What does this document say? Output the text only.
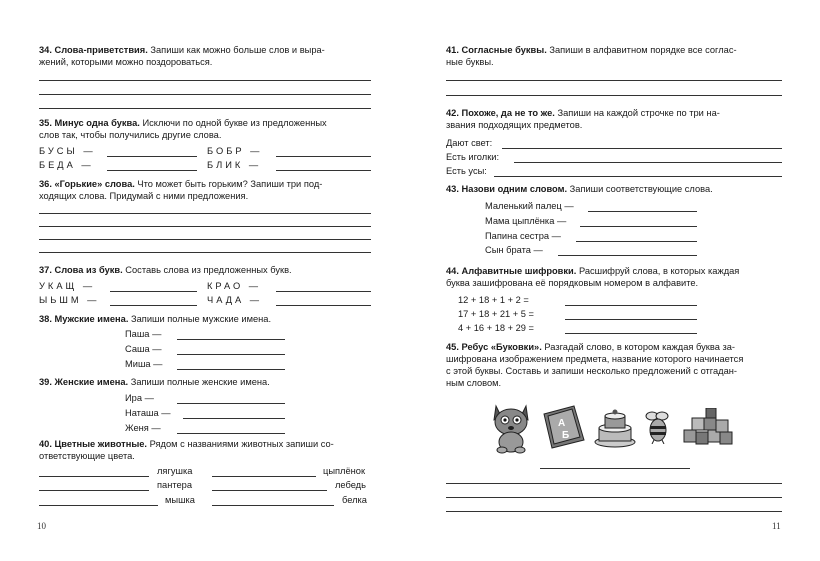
34. Слова-приветствия. Запиши как можно больше слов и выра-

жений, которыми можно поздороваться.

35. Минус одна буква. Исключи по одной букве из предложенных

слов так, чтобы получились другие слова.

БУСЫ —	БОБР —

БЕДА —	БЛИК —

36. «Горькие» слова. Что может быть горьким? Запиши три под-

ходящих слова. Придумай с ними предложения.

37. Слова из букв. Составь слова из предложенных букв.

УКАЩ —	КРАО —

ЫЬШМ —	ЧАДА —

38. Мужские имена. Запиши полные мужские имена.

Паша —

Саша —

Миша —

39. Женские имена. Запиши полные женские имена.

Ира —

Наташа —

Женя —

40. Цветные животные. Рядом с названиями животных запиши со-

ответствующие цвета.

лягушка	цыплёнок

пантера	лебедь

мышка	белка

10

41. Согласные буквы. Запиши в алфавитном порядке все соглас-

ные буквы.

42. Похоже, да не то же. Запиши на каждой строчке по три на-

звания подходящих предметов.

Дают свет:

Есть иголки:

Есть усы:

43. Назови одним словом. Запиши соответствующие слова.

Маленький палец —

Мама цыплёнка —

Папина сестра —

Сын брата —

44. Алфавитные шифровки. Расшифруй слова, в которых каждая

буква зашифрована её порядковым номером в алфавите.

12 + 18 + 1 + 2 =

17 + 18 + 21 + 5 =

4 + 16 + 18 + 29 =

45. Ребус «Буковки». Разгадай слово, в котором каждая буква за-

шифрована изображением предмета, название которого начинается

с этой буквы. Составь и запиши несколько предложений с отгадан-

ным словом.

А
Б
11
